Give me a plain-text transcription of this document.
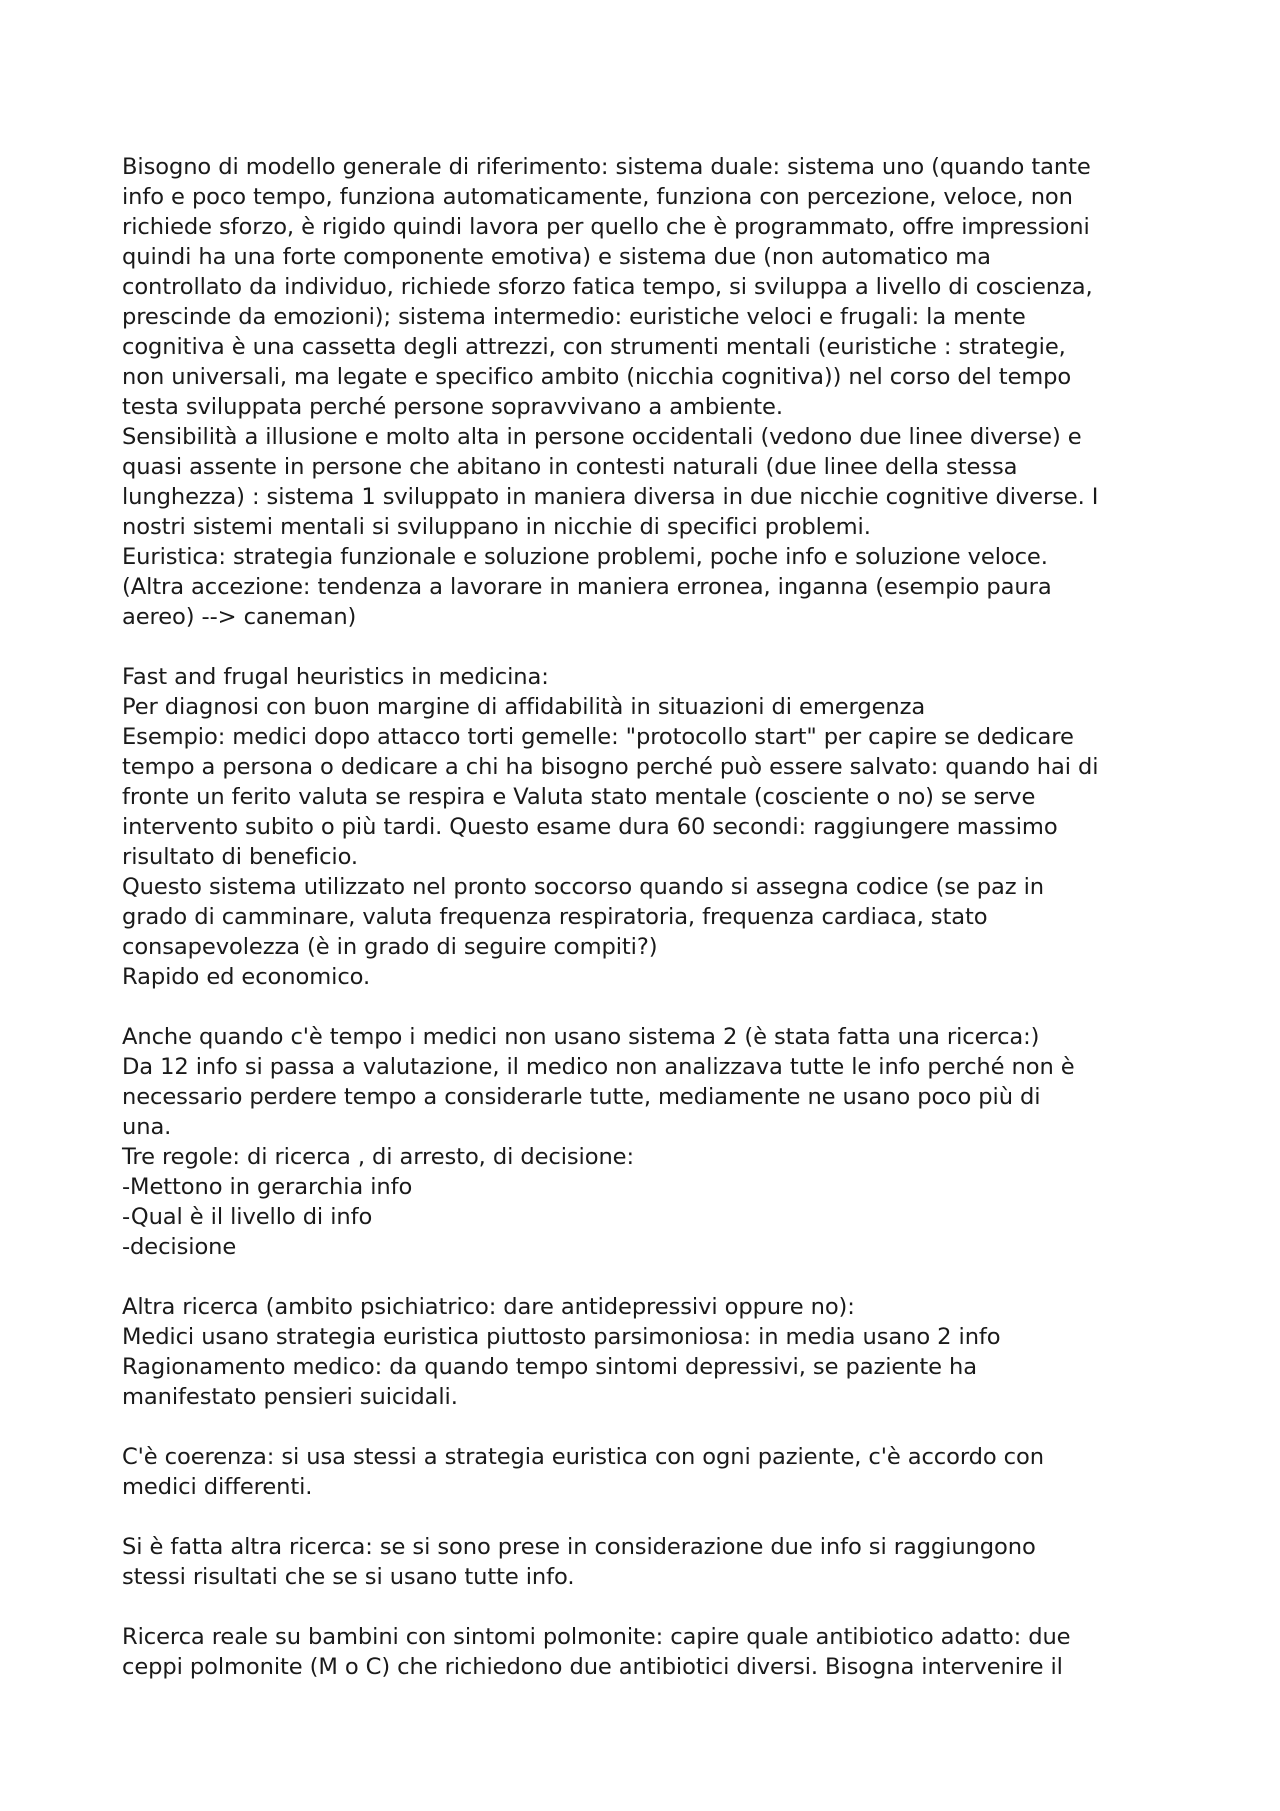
Bisogno di modello generale di riferimento: sistema duale: sistema uno (quando tante
info e poco tempo, funziona automaticamente, funziona con percezione, veloce, non
richiede sforzo, è rigido quindi lavora per quello che è programmato, offre impressioni
quindi ha una forte componente emotiva) e sistema due (non automatico ma
controllato da individuo, richiede sforzo fatica tempo, si sviluppa a livello di coscienza,
prescinde da emozioni); sistema intermedio: euristiche veloci e frugali: la mente
cognitiva è una cassetta degli attrezzi, con strumenti mentali (euristiche : strategie,
non universali, ma legate e specifico ambito (nicchia cognitiva)) nel corso del tempo
testa sviluppata perché persone sopravvivano a ambiente.
Sensibilità a illusione e molto alta in persone occidentali (vedono due linee diverse) e
quasi assente in persone che abitano in contesti naturali (due linee della stessa
lunghezza) : sistema 1 sviluppato in maniera diversa in due nicchie cognitive diverse. I
nostri sistemi mentali si sviluppano in nicchie di specifici problemi.
Euristica: strategia funzionale e soluzione problemi, poche info e soluzione veloce.
(Altra accezione: tendenza a lavorare in maniera erronea, inganna (esempio paura
aereo) --> caneman)
Fast and frugal heuristics in medicina:
Per diagnosi con buon margine di affidabilità in situazioni di emergenza
Esempio: medici dopo attacco torti gemelle: "protocollo start" per capire se dedicare
tempo a persona o dedicare a chi ha bisogno perché può essere salvato: quando hai di
fronte un ferito valuta se respira e Valuta stato mentale (cosciente o no) se serve
intervento subito o più tardi. Questo esame dura 60 secondi: raggiungere massimo
risultato di beneficio.
Questo sistema utilizzato nel pronto soccorso quando si assegna codice (se paz in
grado di camminare, valuta frequenza respiratoria, frequenza cardiaca, stato
consapevolezza (è in grado di seguire compiti?)
Rapido ed economico.
Anche quando c'è tempo i medici non usano sistema 2 (è stata fatta una ricerca:)
Da 12 info si passa a valutazione, il medico non analizzava tutte le info perché non è
necessario perdere tempo a considerarle tutte, mediamente ne usano poco più di
una.
Tre regole: di ricerca , di arresto, di decisione:
-Mettono in gerarchia info
-Qual è il livello di info
-decisione
Altra ricerca (ambito psichiatrico: dare antidepressivi oppure no):
Medici usano strategia euristica piuttosto parsimoniosa: in media usano 2 info
Ragionamento medico: da quando tempo sintomi depressivi, se paziente ha
manifestato pensieri suicidali.
C'è coerenza: si usa stessi a strategia euristica con ogni paziente, c'è accordo con
medici differenti.
Si è fatta altra ricerca: se si sono prese in considerazione due info si raggiungono
stessi risultati che se si usano tutte info.
Ricerca reale su bambini con sintomi polmonite: capire quale antibiotico adatto: due
ceppi polmonite (M o C) che richiedono due antibiotici diversi. Bisogna intervenire il
